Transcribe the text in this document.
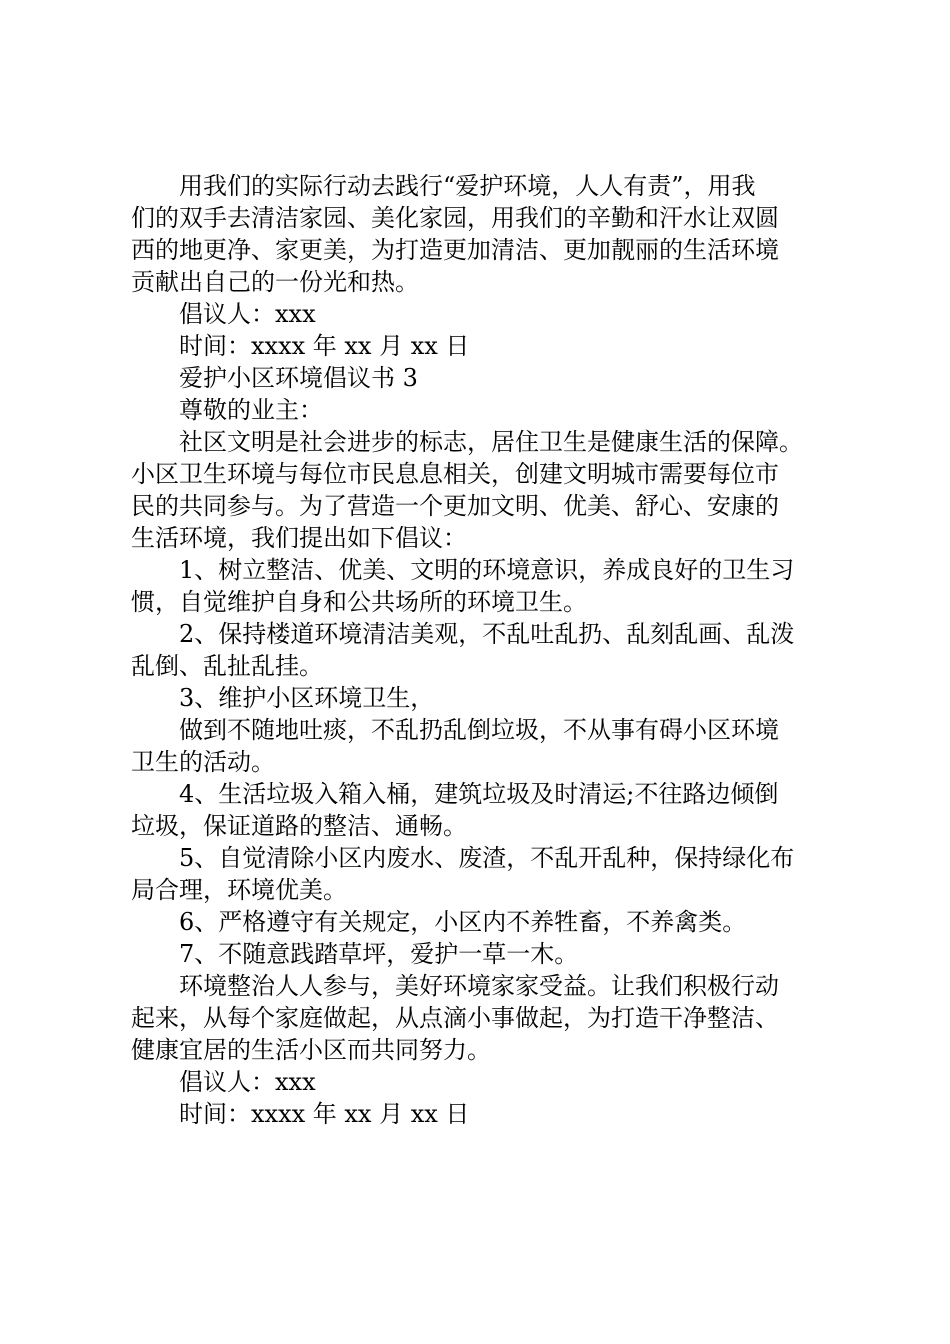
用我们的实际行动去践行“爱护环境，人人有责”，用我
们的双手去清洁家园、美化家园，用我们的辛勤和汗水让双圆
西的地更净、家更美，为打造更加清洁、更加靓丽的生活环境
贡献出自己的一份光和热。
倡议人：xxx
时间：xxxx 年 xx 月 xx 日
爱护小区环境倡议书 3
尊敬的业主：
社区文明是社会进步的标志，居住卫生是健康生活的保障。
小区卫生环境与每位市民息息相关，创建文明城市需要每位市
民的共同参与。为了营造一个更加文明、优美、舒心、安康的
生活环境，我们提出如下倡议：
1、树立整洁、优美、文明的环境意识，养成良好的卫生习
惯，自觉维护自身和公共场所的环境卫生。
2、保持楼道环境清洁美观，不乱吐乱扔、乱刻乱画、乱泼
乱倒、乱扯乱挂。
3、维护小区环境卫生，
做到不随地吐痰，不乱扔乱倒垃圾，不从事有碍小区环境
卫生的活动。
4、生活垃圾入箱入桶，建筑垃圾及时清运;不往路边倾倒
垃圾，保证道路的整洁、通畅。
5、自觉清除小区内废水、废渣，不乱开乱种，保持绿化布
局合理，环境优美。
6、严格遵守有关规定，小区内不养牲畜，不养禽类。
7、不随意践踏草坪，爱护一草一木。
环境整治人人参与，美好环境家家受益。让我们积极行动
起来，从每个家庭做起，从点滴小事做起，为打造干净整洁、
健康宜居的生活小区而共同努力。
倡议人：xxx
时间：xxxx 年 xx 月 xx 日
